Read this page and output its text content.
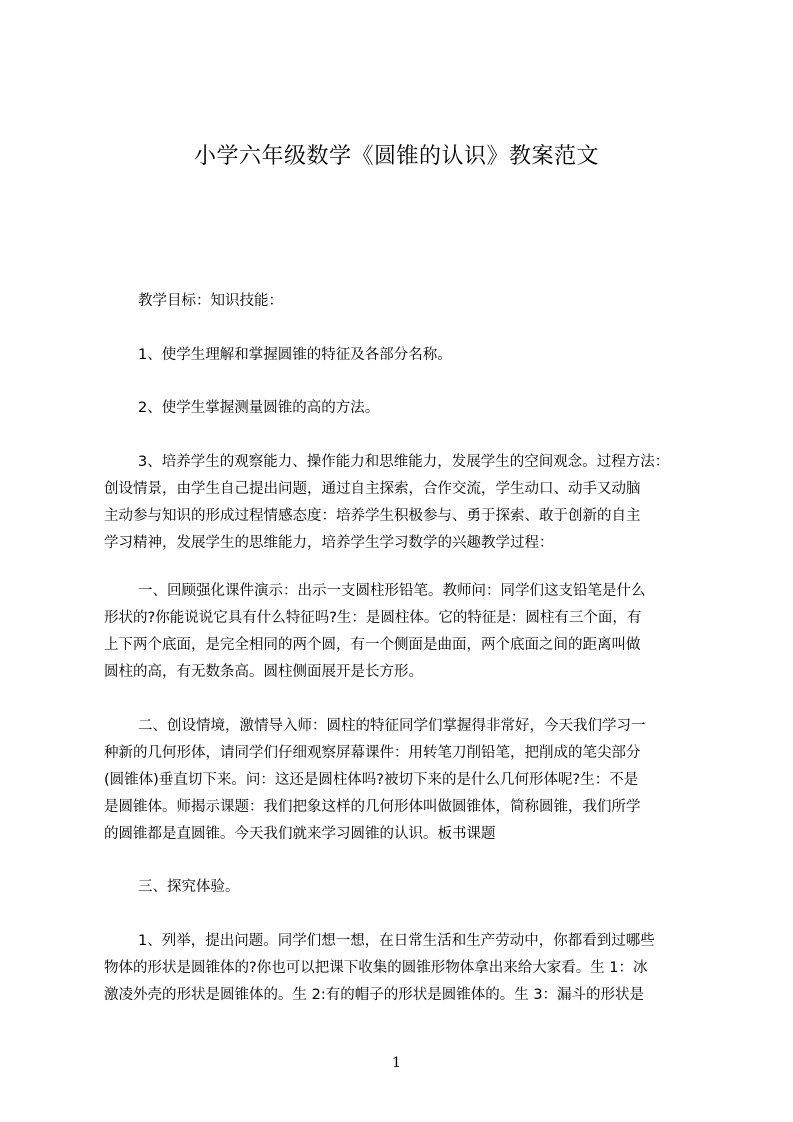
小学六年级数学《圆锥的认识》教案范文
教学目标：知识技能：
1、使学生理解和掌握圆锥的特征及各部分名称。
2、使学生掌握测量圆锥的高的方法。
3、培养学生的观察能力、操作能力和思维能力，发展学生的空间观念。过程方法：
创设情景，由学生自己提出问题，通过自主探索，合作交流，学生动口、动手又动脑
主动参与知识的形成过程情感态度：培养学生积极参与、勇于探索、敢于创新的自主
学习精神，发展学生的思维能力，培养学生学习数学的兴趣教学过程：
一、回顾强化课件演示：出示一支圆柱形铅笔。教师问：同学们这支铅笔是什么
形状的?你能说说它具有什么特征吗?生：是圆柱体。它的特征是：圆柱有三个面，有
上下两个底面，是完全相同的两个圆，有一个侧面是曲面，两个底面之间的距离叫做
圆柱的高，有无数条高。圆柱侧面展开是长方形。
二、创设情境，激情导入师：圆柱的特征同学们掌握得非常好，今天我们学习一
种新的几何形体，请同学们仔细观察屏幕课件：用转笔刀削铅笔，把削成的笔尖部分
(圆锥体)垂直切下来。问：这还是圆柱体吗?被切下来的是什么几何形体呢?生：不是
是圆锥体。师揭示课题：我们把象这样的几何形体叫做圆锥体，简称圆锥，我们所学
的圆锥都是直圆锥。今天我们就来学习圆锥的认识。板书课题
三、探究体验。
1、列举，提出问题。同学们想一想，在日常生活和生产劳动中，你都看到过哪些
物体的形状是圆锥体的?你也可以把课下收集的圆锥形物体拿出来给大家看。生 1：冰
激凌外壳的形状是圆锥体的。生 2:有的帽子的形状是圆锥体的。生 3：漏斗的形状是
1
